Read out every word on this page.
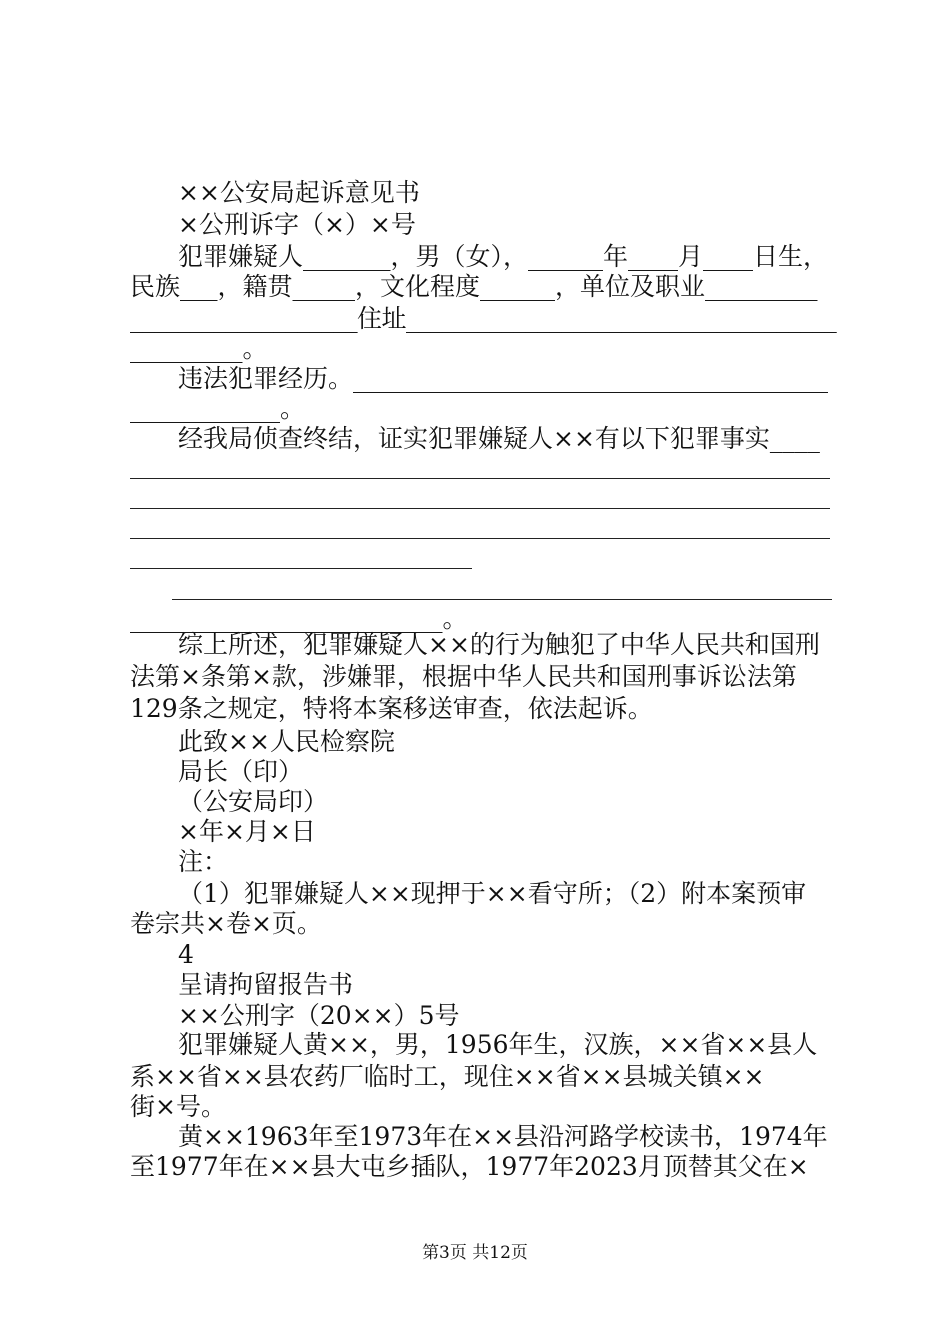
××公安局起诉意见书
×公刑诉字（×）×号
犯罪嫌疑人_______，男（女），______年____月____日生，
民族___，籍贯_____，文化程度______，单位及职业_________
___________________住址____________________________________
_________。
违法犯罪经历。______________________________________
____________。
经我局侦查终结，证实犯罪嫌疑人××有以下犯罪事实____
_________________________。
综上所述，犯罪嫌疑人××的行为触犯了中华人民共和国刑
法第×条第×款，涉嫌罪，根据中华人民共和国刑事诉讼法第
129条之规定，特将本案移送审查，依法起诉。
此致××人民检察院
局长（印）
（公安局印）
×年×月×日
注：
（1）犯罪嫌疑人××现押于××看守所；（2）附本案预审
卷宗共×卷×页。
4
呈请拘留报告书
××公刑字（20××）5号
犯罪嫌疑人黄××，男，1956年生，汉族，××省××县人
系××省××县农药厂临时工，现住××省××县城关镇××
街×号。
黄××1963年至1973年在××县沿河路学校读书，1974年
至1977年在××县大屯乡插队，1977年2023月顶替其父在×
第3页 共12页
